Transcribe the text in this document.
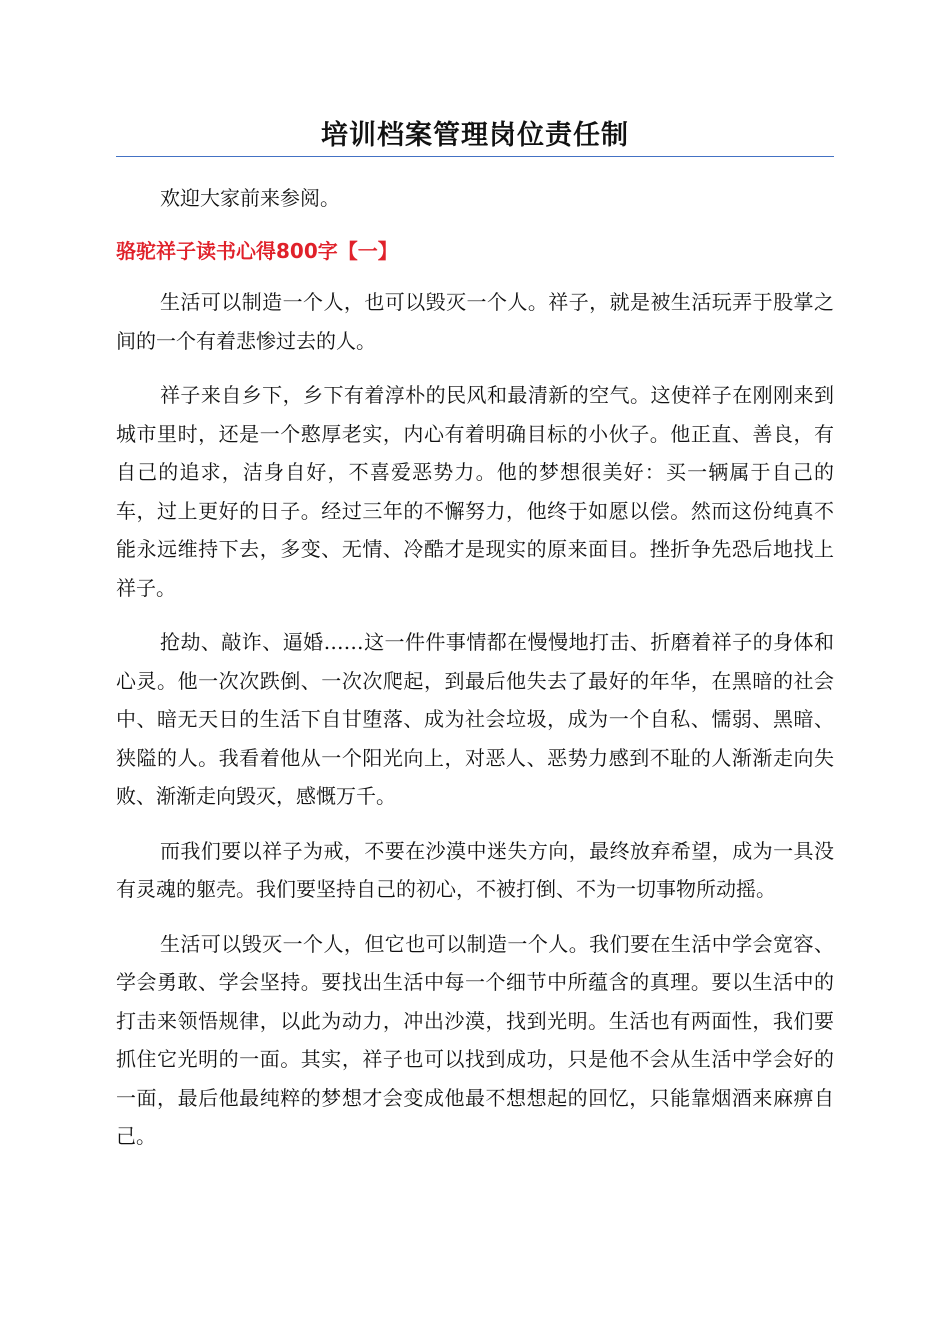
培训档案管理岗位责任制

欢迎大家前来参阅。

骆驼祥子读书心得800字【一】

生活可以制造一个人，也可以毁灭一个人。祥子，就是被生活玩弄于股掌之间的一个有着悲惨过去的人。

祥子来自乡下，乡下有着淳朴的民风和最清新的空气。这使祥子在刚刚来到城市里时，还是一个憨厚老实，内心有着明确目标的小伙子。他正直、善良，有自己的追求，洁身自好，不喜爱恶势力。他的梦想很美好：买一辆属于自己的车，过上更好的日子。经过三年的不懈努力，他终于如愿以偿。然而这份纯真不能永远维持下去，多变、无情、冷酷才是现实的原来面目。挫折争先恐后地找上祥子。

抢劫、敲诈、逼婚……这一件件事情都在慢慢地打击、折磨着祥子的身体和心灵。他一次次跌倒、一次次爬起，到最后他失去了最好的年华，在黑暗的社会中、暗无天日的生活下自甘堕落、成为社会垃圾，成为一个自私、懦弱、黑暗、狭隘的人。我看着他从一个阳光向上，对恶人、恶势力感到不耻的人渐渐走向失败、渐渐走向毁灭，感慨万千。

而我们要以祥子为戒，不要在沙漠中迷失方向，最终放弃希望，成为一具没有灵魂的躯壳。我们要坚持自己的初心，不被打倒、不为一切事物所动摇。

生活可以毁灭一个人，但它也可以制造一个人。我们要在生活中学会宽容、学会勇敢、学会坚持。要找出生活中每一个细节中所蕴含的真理。要以生活中的打击来领悟规律，以此为动力，冲出沙漠，找到光明。生活也有两面性，我们要抓住它光明的一面。其实，祥子也可以找到成功，只是他不会从生活中学会好的一面，最后他最纯粹的梦想才会变成他最不想想起的回忆，只能靠烟酒来麻痹自己。
